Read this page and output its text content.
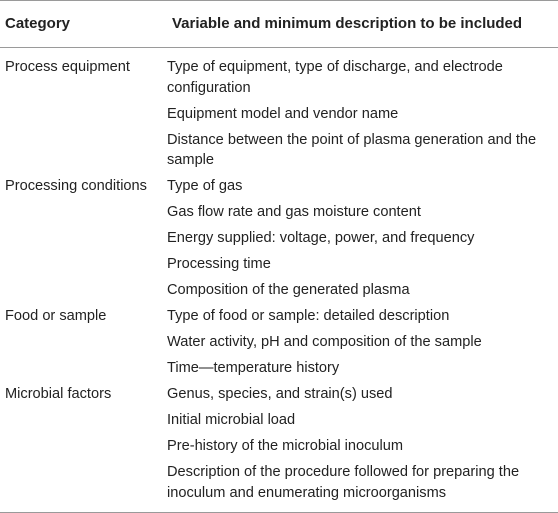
Category	Variable and minimum description to be included
Process equipment	Type of equipment, type of discharge, and electrode configuration
Equipment model and vendor name
Distance between the point of plasma generation and the sample
Processing conditions	Type of gas
Gas flow rate and gas moisture content
Energy supplied: voltage, power, and frequency
Processing time
Composition of the generated plasma
Food or sample	Type of food or sample: detailed description
Water activity, pH and composition of the sample
Time—temperature history
Microbial factors	Genus, species, and strain(s) used
Initial microbial load
Pre-history of the microbial inoculum
Description of the procedure followed for preparing the inoculum and enumerating microorganisms
